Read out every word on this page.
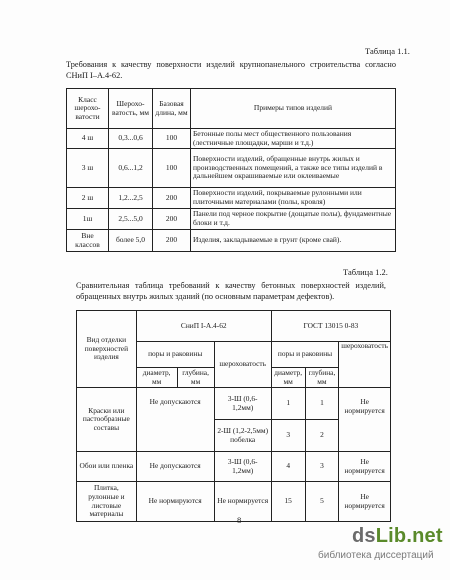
Таблица 1.1.
Требования к качеству поверхности изделий крупнопанельного строительства согласно СНиП I–A.4-62.
Класс шерохо-ватости	Шерохо-ватость, мм	Базовая длина, мм	Примеры типов изделий
4 ш	0,3...0,6	100	Бетонные полы мест общественного пользования (лестничные площадки, марши и т.д.)
3 ш	0,6...1,2	100	Поверхности изделий, обращенные внутрь жилых и производственных помещений, а также все типы изделий в дальнейшем окрашиваемые или оклеиваемые
2 ш	1,2...2,5	200	Поверхности изделий, покрываемые рулонными или плиточными материалами (полы, кровля)
1ш	2,5...5,0	200	Панели под черное покрытие (дощатые полы), фундаментные блоки и т.д.
Вне классов	более 5,0	200	Изделия, закладываемые в грунт (кроме свай).
Таблица 1.2.
Сравнительная таблица требований к качеству бетонных поверхностей изделий, обращенных внутрь жилых зданий (по основным параметрам дефектов).
Вид отделки поверхностей изделия	СниП I-А.4-62			ГОСТ 13015 0-83		
	поры и раковины		шероховатость	поры и раковины		шероховатость
	диаметр, мм	глубина, мм		диаметр, мм	глубина, мм	
Краски или пастообразные составы	Не допускаются		3-Ш (0,6- 1,2мм)	1	1	Не нормируется
			2-Ш (1,2-2,5мм) побелка	3	2	
Обои или пленка	Не допускаются		3-Ш (0,6- 1,2мм)	4	3	Не нормируется
Плитка, рулонные и листовые материалы	Не нормируются		Не нормируется	15	5	Не нормируется
8
dsLib.net
библиотека диссертаций
